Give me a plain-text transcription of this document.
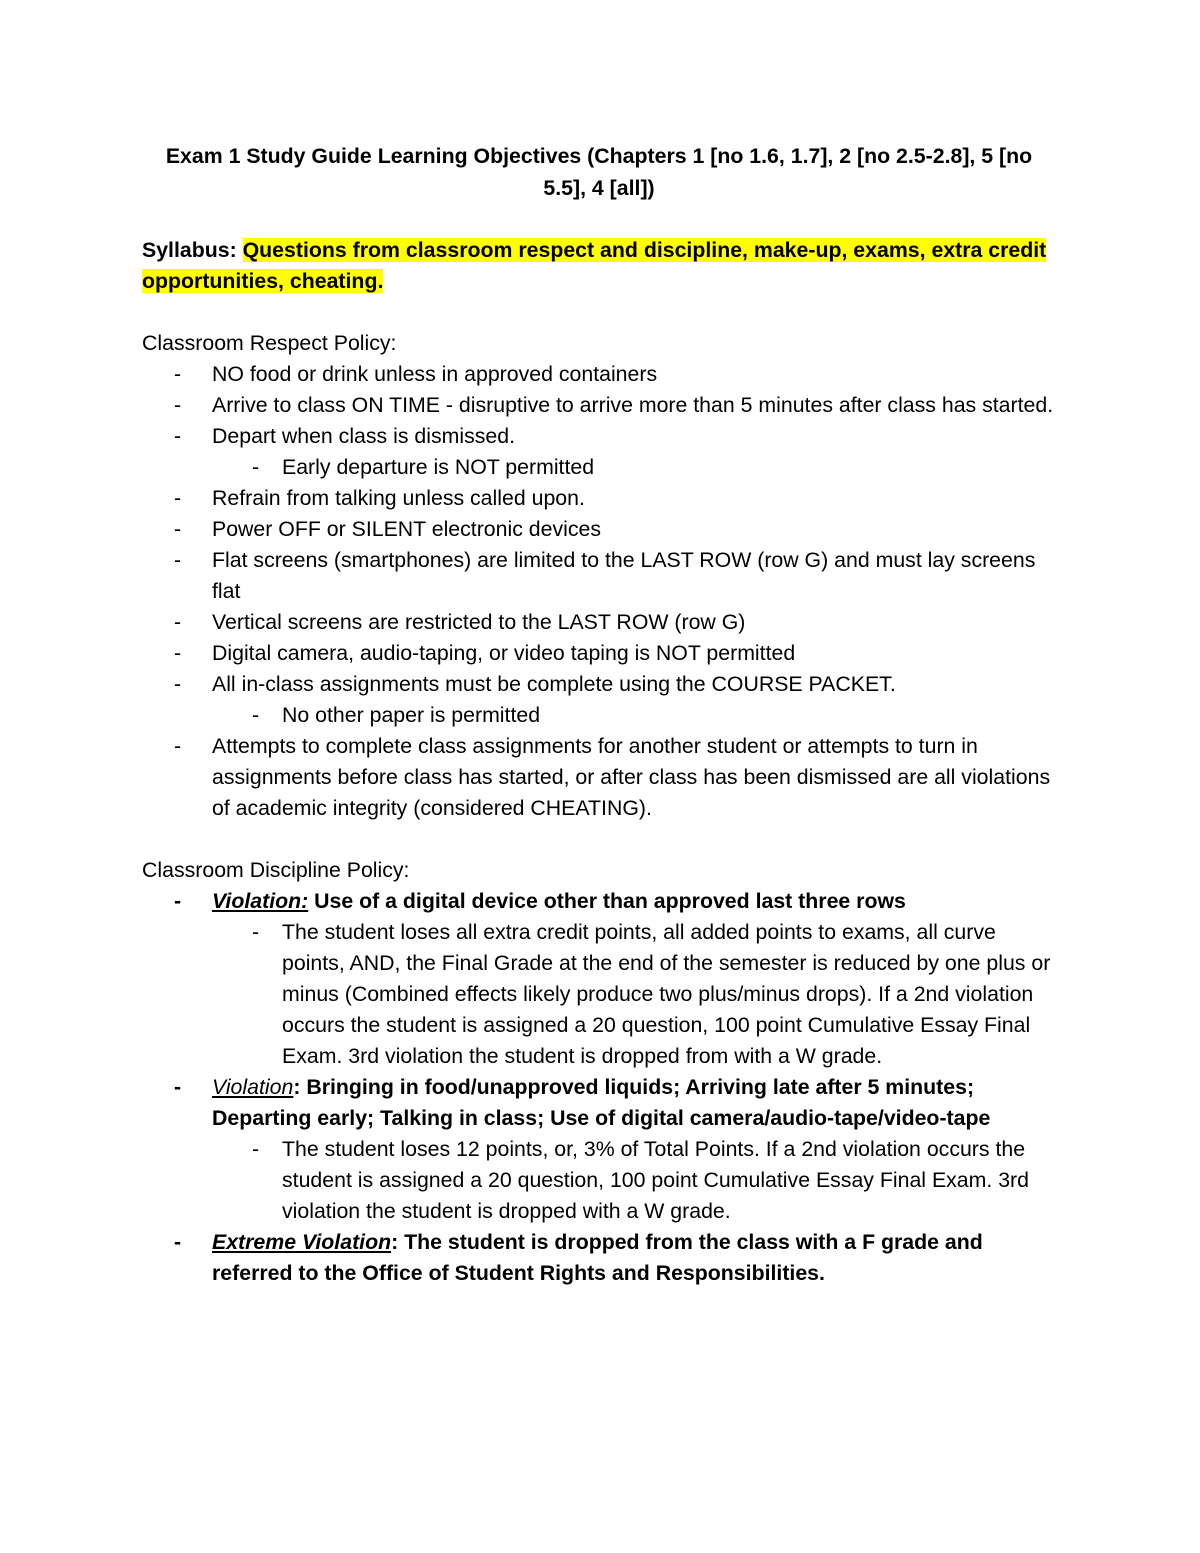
Exam 1 Study Guide Learning Objectives (Chapters 1 [no 1.6, 1.7], 2 [no 2.5-2.8], 5 [no 5.5], 4 [all])
Syllabus: Questions from classroom respect and discipline, make-up, exams, extra credit opportunities, cheating.
Classroom Respect Policy:
- NO food or drink unless in approved containers
- Arrive to class ON TIME - disruptive to arrive more than 5 minutes after class has started.
- Depart when class is dismissed.
- Early departure is NOT permitted
- Refrain from talking unless called upon.
- Power OFF or SILENT electronic devices
- Flat screens (smartphones) are limited to the LAST ROW (row G) and must lay screens flat
- Vertical screens are restricted to the LAST ROW (row G)
- Digital camera, audio-taping, or video taping is NOT permitted
- All in-class assignments must be complete using the COURSE PACKET.
- No other paper is permitted
- Attempts to complete class assignments for another student or attempts to turn in assignments before class has started, or after class has been dismissed are all violations of academic integrity (considered CHEATING).
Classroom Discipline Policy:
- Violation: Use of a digital device other than approved last three rows
- The student loses all extra credit points, all added points to exams, all curve points, AND, the Final Grade at the end of the semester is reduced by one plus or minus (Combined effects likely produce two plus/minus drops). If a 2nd violation occurs the student is assigned a 20 question, 100 point Cumulative Essay Final Exam. 3rd violation the student is dropped from with a W grade.
- Violation: Bringing in food/unapproved liquids; Arriving late after 5 minutes; Departing early; Talking in class; Use of digital camera/audio-tape/video-tape
- The student loses 12 points, or, 3% of Total Points. If a 2nd violation occurs the student is assigned a 20 question, 100 point Cumulative Essay Final Exam. 3rd violation the student is dropped with a W grade.
- Extreme Violation: The student is dropped from the class with a F grade and referred to the Office of Student Rights and Responsibilities.
